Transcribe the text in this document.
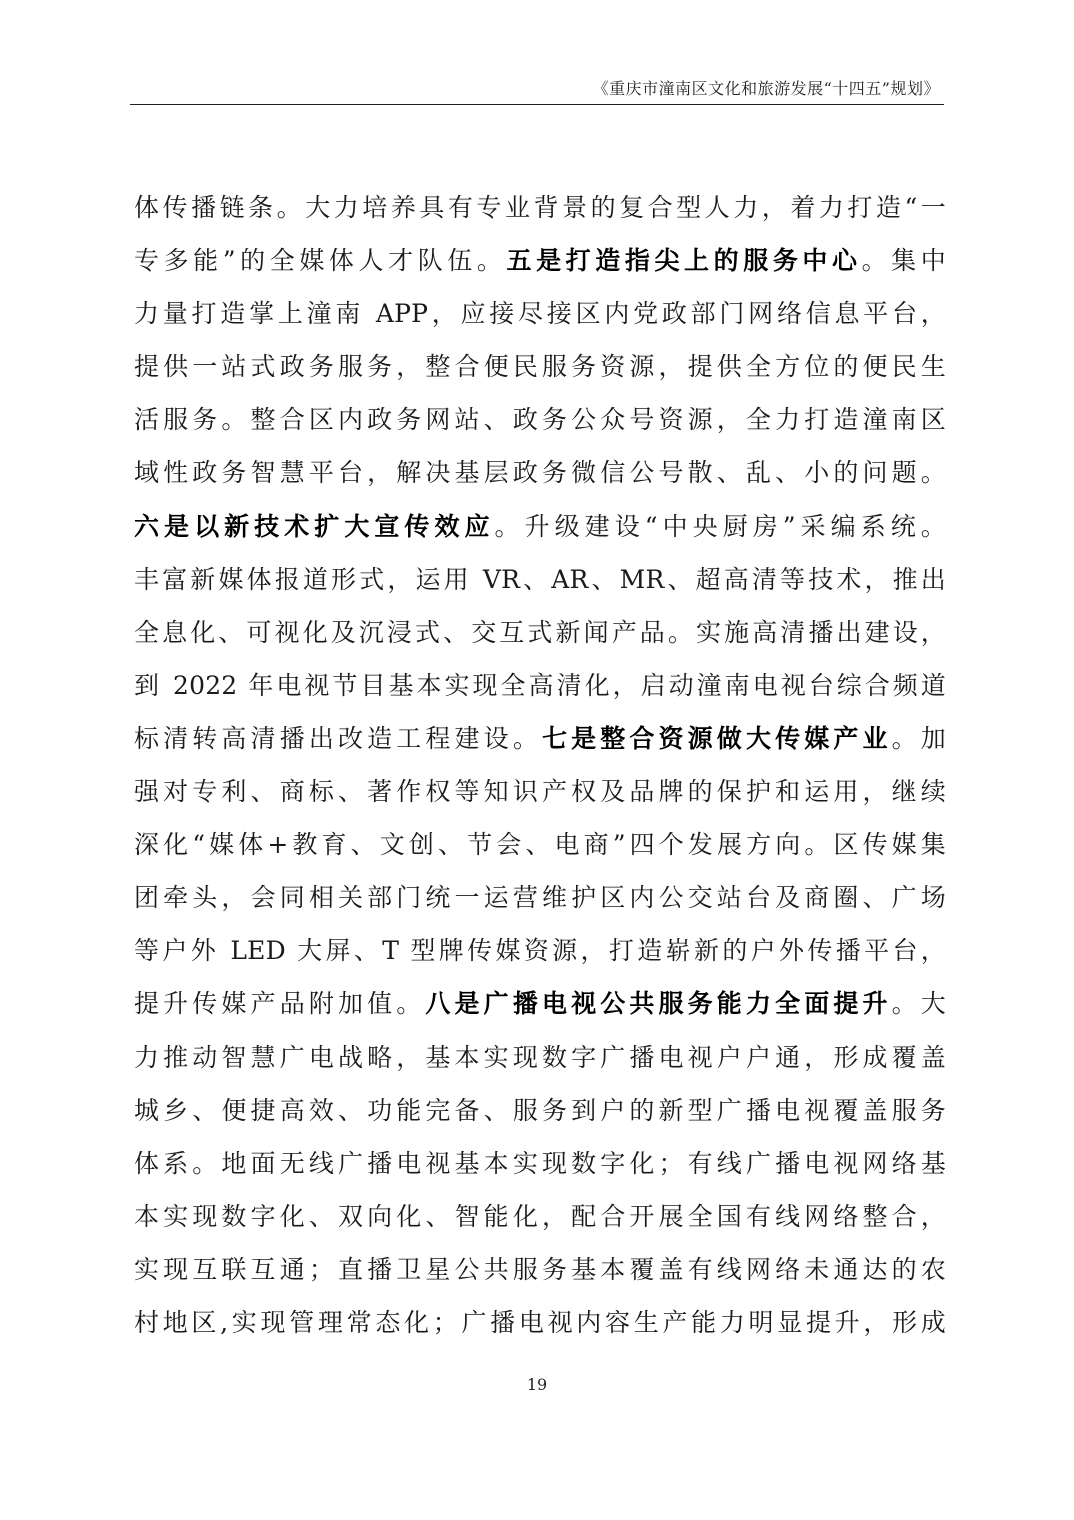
《重庆市潼南区文化和旅游发展“十四五”规划》
体传播链条。大力培养具有专业背景的复合型人力，着力打造“一
专多能”的全媒体人才队伍。五是打造指尖上的服务中心。集中
力量打造掌上潼南 APP，应接尽接区内党政部门网络信息平台，
提供一站式政务服务，整合便民服务资源，提供全方位的便民生
活服务。整合区内政务网站、政务公众号资源，全力打造潼南区
域性政务智慧平台，解决基层政务微信公号散、乱、小的问题。
六是以新技术扩大宣传效应。升级建设“中央厨房”采编系统。
丰富新媒体报道形式，运用 VR、AR、MR、超高清等技术，推出
全息化、可视化及沉浸式、交互式新闻产品。实施高清播出建设，
到 2022 年电视节目基本实现全高清化，启动潼南电视台综合频道
标清转高清播出改造工程建设。七是整合资源做大传媒产业。加
强对专利、商标、著作权等知识产权及品牌的保护和运用，继续
深化“媒体+教育、文创、节会、电商”四个发展方向。区传媒集
团牵头，会同相关部门统一运营维护区内公交站台及商圈、广场
等户外 LED 大屏、T 型牌传媒资源，打造崭新的户外传播平台，
提升传媒产品附加值。八是广播电视公共服务能力全面提升。大
力推动智慧广电战略，基本实现数字广播电视户户通，形成覆盖
城乡、便捷高效、功能完备、服务到户的新型广播电视覆盖服务
体系。地面无线广播电视基本实现数字化；有线广播电视网络基
本实现数字化、双向化、智能化，配合开展全国有线网络整合，
实现互联互通；直播卫星公共服务基本覆盖有线网络未通达的农
村地区,实现管理常态化；广播电视内容生产能力明显提升，形成
19
